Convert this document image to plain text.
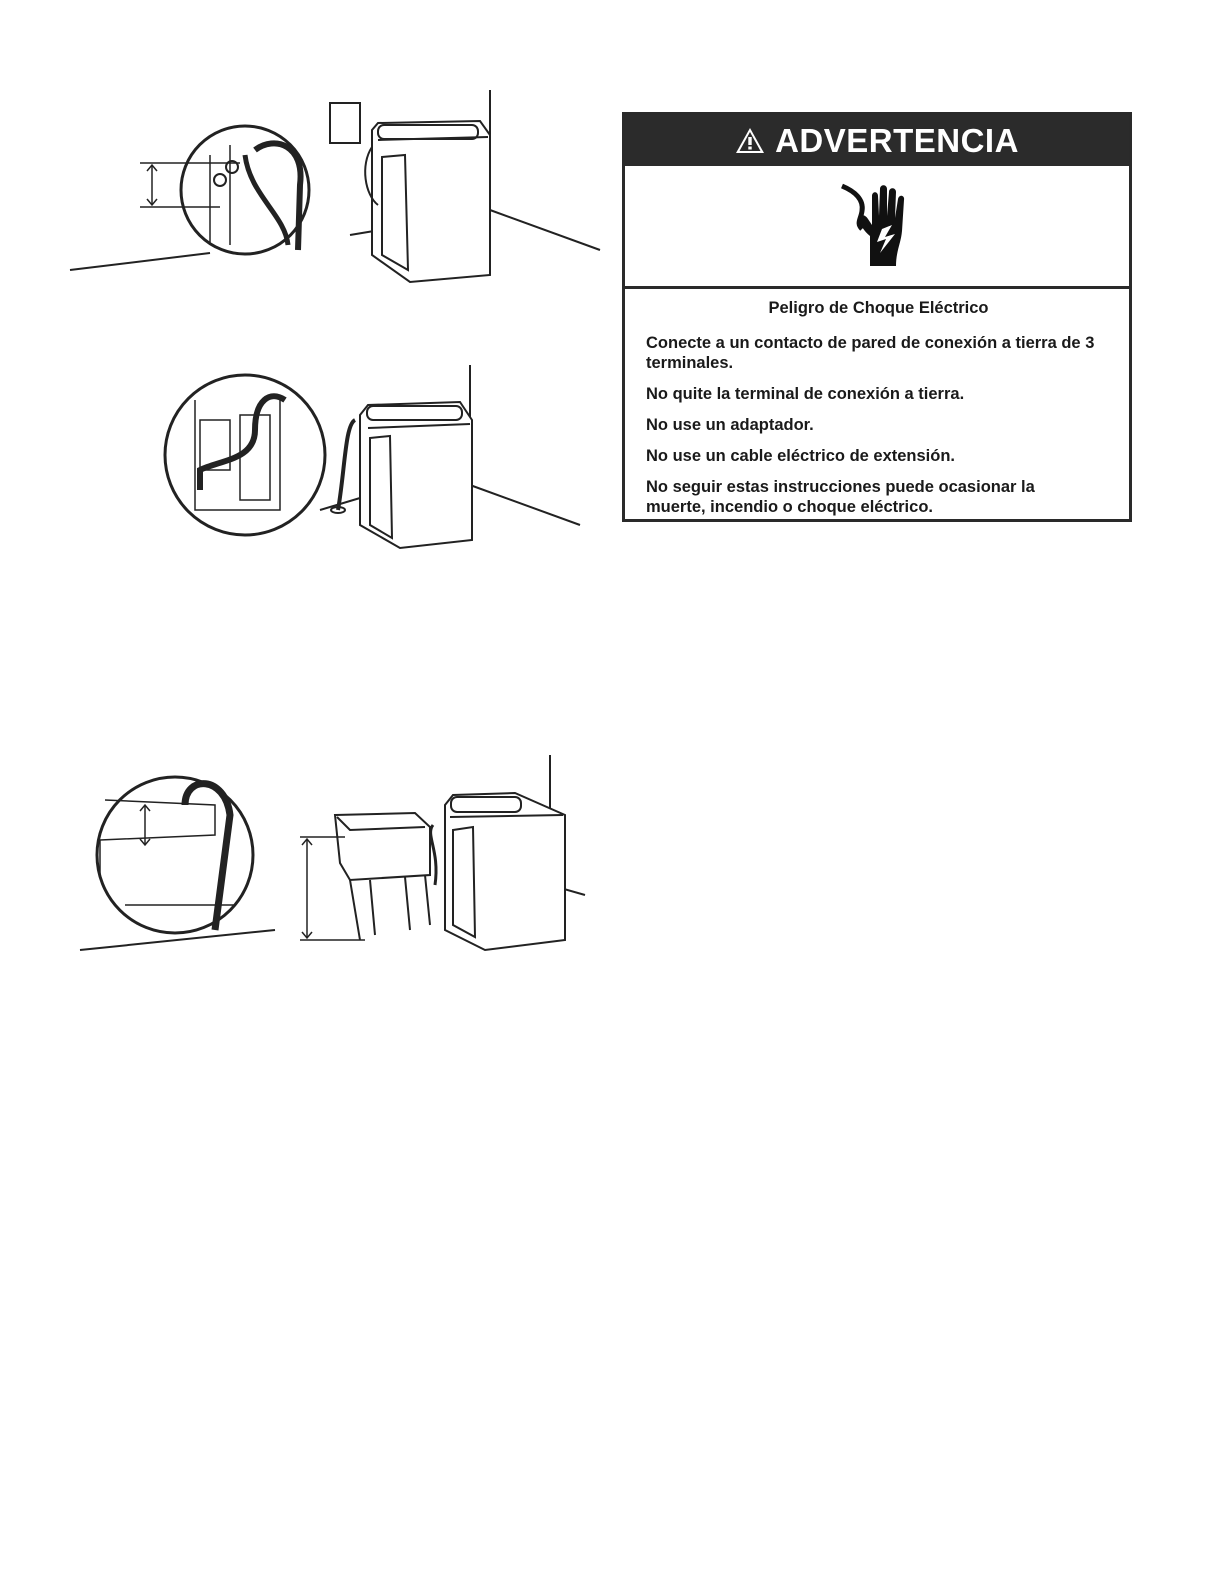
ADVERTENCIA

Peligro de Choque Eléctrico

Conecte a un contacto de pared de conexión a tierra de 3 terminales.

No quite la terminal de conexión a tierra.

No use un adaptador.

No use un cable eléctrico de extensión.

No seguir estas instrucciones puede ocasionar la muerte, incendio o choque eléctrico.
